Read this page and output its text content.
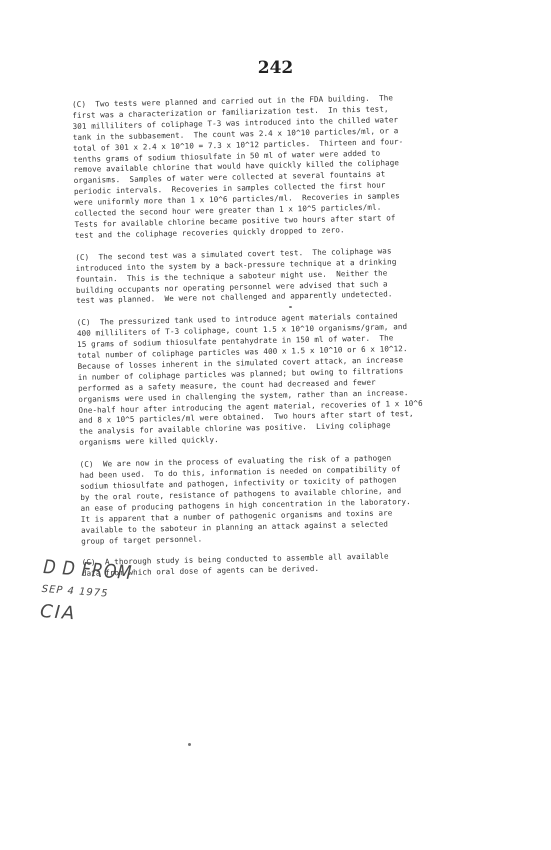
242

(C)  Two tests were planned and carried out in the FDA building.  The
first was a characterization or familiarization test.  In this test,
301 milliliters of coliphage T-3 was introduced into the chilled water
tank in the subbasement.  The count was 2.4 x 10^10 particles/ml, or a
total of 301 x 2.4 x 10^10 = 7.3 x 10^12 particles.  Thirteen and four-
tenths grams of sodium thiosulfate in 50 ml of water were added to
remove available chlorine that would have quickly killed the coliphage
organisms.  Samples of water were collected at several fountains at
periodic intervals.  Recoveries in samples collected the first hour
were uniformly more than 1 x 10^6 particles/ml.  Recoveries in samples
collected the second hour were greater than 1 x 10^5 particles/ml.
Tests for available chlorine became positive two hours after start of
test and the coliphage recoveries quickly dropped to zero.

(C)  The second test was a simulated covert test.  The coliphage was
introduced into the system by a back-pressure technique at a drinking
fountain.  This is the technique a saboteur might use.  Neither the
building occupants nor operating personnel were advised that such a
test was planned.  We were not challenged and apparently undetected.

(C)  The pressurized tank used to introduce agent materials contained
400 milliliters of T-3 coliphage, count 1.5 x 10^10 organisms/gram, and
15 grams of sodium thiosulfate pentahydrate in 150 ml of water.  The
total number of coliphage particles was 400 x 1.5 x 10^10 or 6 x 10^12.
Because of losses inherent in the simulated covert attack, an increase
in number of coliphage particles was planned; but owing to filtrations
performed as a safety measure, the count had decreased and fewer
organisms were used in challenging the system, rather than an increase.
One-half hour after introducing the agent material, recoveries of 1 x 10^6
and 8 x 10^5 particles/ml were obtained.  Two hours after start of test,
the analysis for available chlorine was positive.  Living coliphage
organisms were killed quickly.

(C)  We are now in the process of evaluating the risk of a pathogen
had been used.  To do this, information is needed on compatibility of
sodium thiosulfate and pathogen, infectivity or toxicity of pathogen
by the oral route, resistance of pathogens to available chlorine, and
an ease of producing pathogens in high concentration in the laboratory.
It is apparent that a number of pathogenic organisms and toxins are
available to the saboteur in planning an attack against a selected
group of target personnel.

(C)  A thorough study is being conducted to assemble all available
data from which oral dose of agents can be derived.

D D FROM
SEP 4 1975
CIA
